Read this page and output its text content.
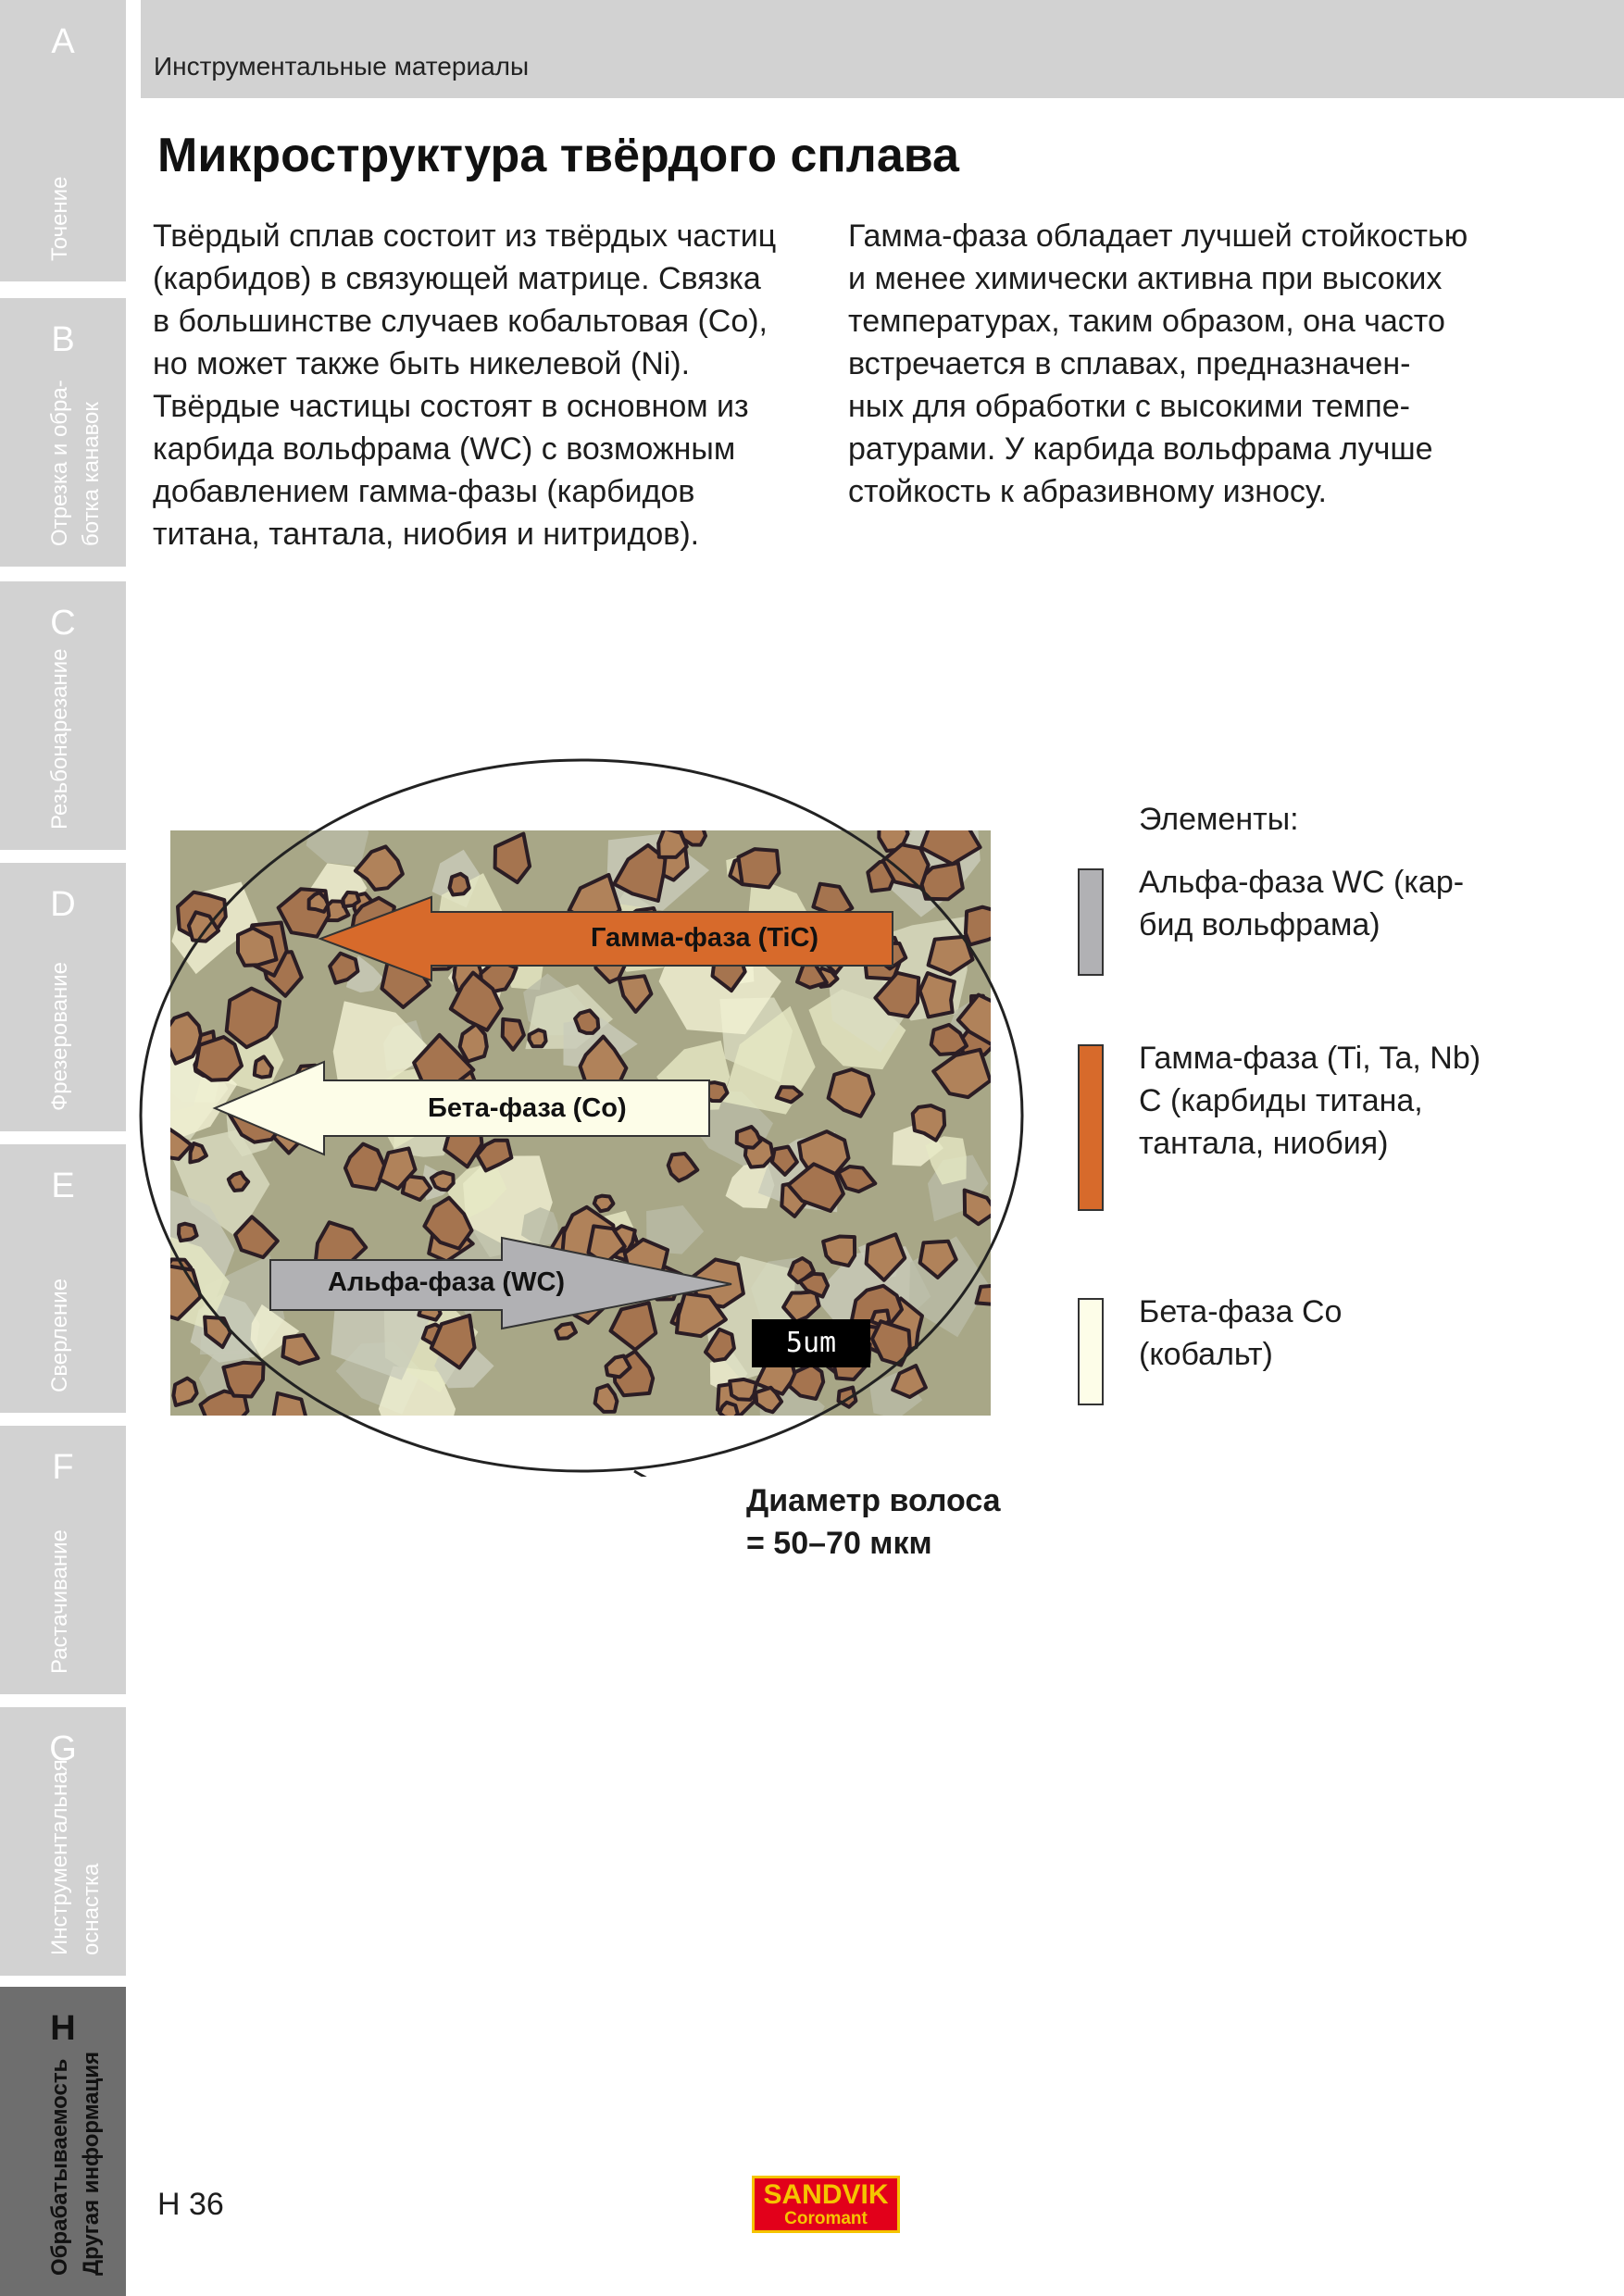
A
Точение
B
Отрезка и обра- ботка канавок
C
Резьбонарезание
D
Фрезерование
E
Сверление
F
Растачивание
G
Инструментальная оснастка
H
Обрабатываемость Другая информация
Инструментальные материалы
Микроструктура твёрдого сплава
Твёрдый сплав состоит из твёрдых частиц
(карбидов) в связующей матрице. Связка
в большинстве случаев кобальтовая (Co),
но может также быть никелевой (Ni).
Твёрдые частицы состоят в основном из
карбида вольфрама (WC) с возможным
добавлением гамма-фазы (карбидов
титана, тантала, ниобия и нитридов).
Гамма-фаза обладает лучшей стойкостью
и менее химически активна при высоких
температурах, таким образом, она часто
встречается в сплавах, предназначен-
ных для обработки с высокими темпе-
ратурами. У карбида вольфрама лучше
стойкость к абразивному износу.
Гамма-фаза (TiC)
Бета-фаза (Co)
Альфа-фаза (WC)
5um
Диаметр волоса
= 50–70 мкм
Элементы:
Альфа-фаза WC (кар-
бид вольфрама)
Гамма-фаза (Ti, Ta, Nb)
C (карбиды титана,
тантала, ниобия)
Бета-фаза Co
(кобальт)
H 36	SANDVIK
Coromant
